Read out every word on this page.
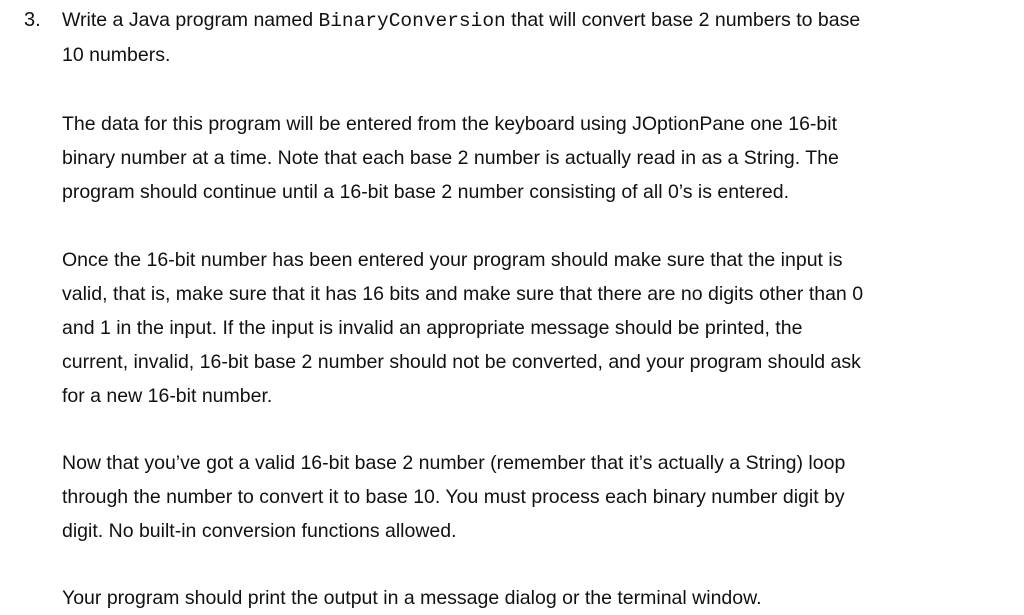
3. Write a Java program named BinaryConversion that will convert base 2 numbers to base
10 numbers.

The data for this program will be entered from the keyboard using JOptionPane one 16-bit
binary number at a time. Note that each base 2 number is actually read in as a String. The
program should continue until a 16-bit base 2 number consisting of all 0’s is entered.

Once the 16-bit number has been entered your program should make sure that the input is
valid, that is, make sure that it has 16 bits and make sure that there are no digits other than 0
and 1 in the input. If the input is invalid an appropriate message should be printed, the
current, invalid, 16-bit base 2 number should not be converted, and your program should ask
for a new 16-bit number.

Now that you’ve got a valid 16-bit base 2 number (remember that it’s actually a String) loop
through the number to convert it to base 10. You must process each binary number digit by
digit. No built-in conversion functions allowed.

Your program should print the output in a message dialog or the terminal window.
